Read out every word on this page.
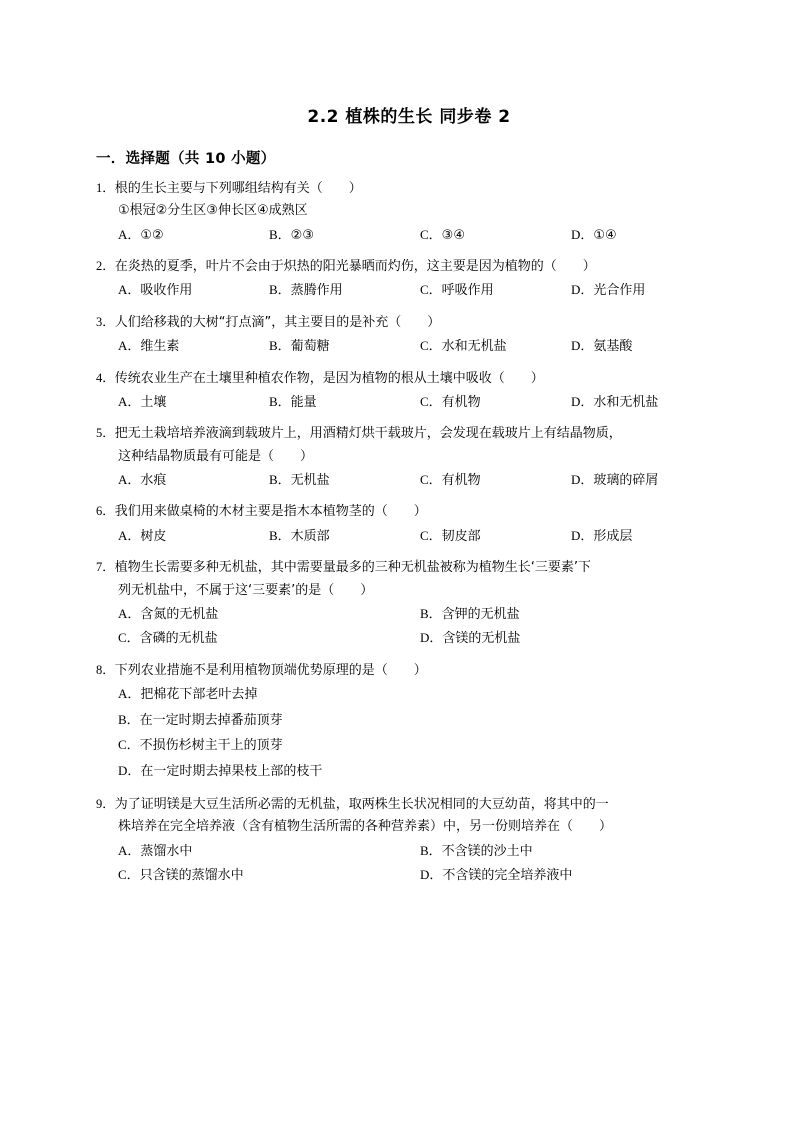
2.2 植株的生长 同步卷 2
一．选择题（共 10 小题）
1．根的生长主要与下列哪组结构有关（　　）
①根冠②分生区③伸长区④成熟区
A．①②	B．②③	C．③④	D．①④
2．在炎热的夏季，叶片不会由于炽热的阳光暴晒而灼伤，这主要是因为植物的（　　）
A．吸收作用	B．蒸腾作用	C．呼吸作用	D．光合作用
3．人们给移栽的大树“打点滴”，其主要目的是补充（　　）
A．维生素	B．葡萄糖	C．水和无机盐	D．氨基酸
4．传统农业生产在土壤里种植农作物，是因为植物的根从土壤中吸收（　　）
A．土壤	B．能量	C．有机物	D．水和无机盐
5．把无土栽培培养液滴到载玻片上，用酒精灯烘干载玻片，会发现在载玻片上有结晶物质，
这种结晶物质最有可能是（　　）
A．水痕	B．无机盐	C．有机物	D．玻璃的碎屑
6．我们用来做桌椅的木材主要是指木本植物茎的（　　）
A．树皮	B．木质部	C．韧皮部	D．形成层
7．植物生长需要多种无机盐，其中需要量最多的三种无机盐被称为植物生长‘三要素’下
列无机盐中，不属于这‘三要素’的是（　　）
A．含氮的无机盐	B．含钾的无机盐
C．含磷的无机盐	D．含镁的无机盐
8．下列农业措施不是利用植物顶端优势原理的是（　　）
A．把棉花下部老叶去掉
B．在一定时期去掉番茄顶芽
C．不损伤杉树主干上的顶芽
D．在一定时期去掉果枝上部的枝干
9．为了证明镁是大豆生活所必需的无机盐，取两株生长状况相同的大豆幼苗，将其中的一
株培养在完全培养液（含有植物生活所需的各种营养素）中，另一份则培养在（　　）
A．蒸馏水中	B．不含镁的沙土中
C．只含镁的蒸馏水中	D．不含镁的完全培养液中
